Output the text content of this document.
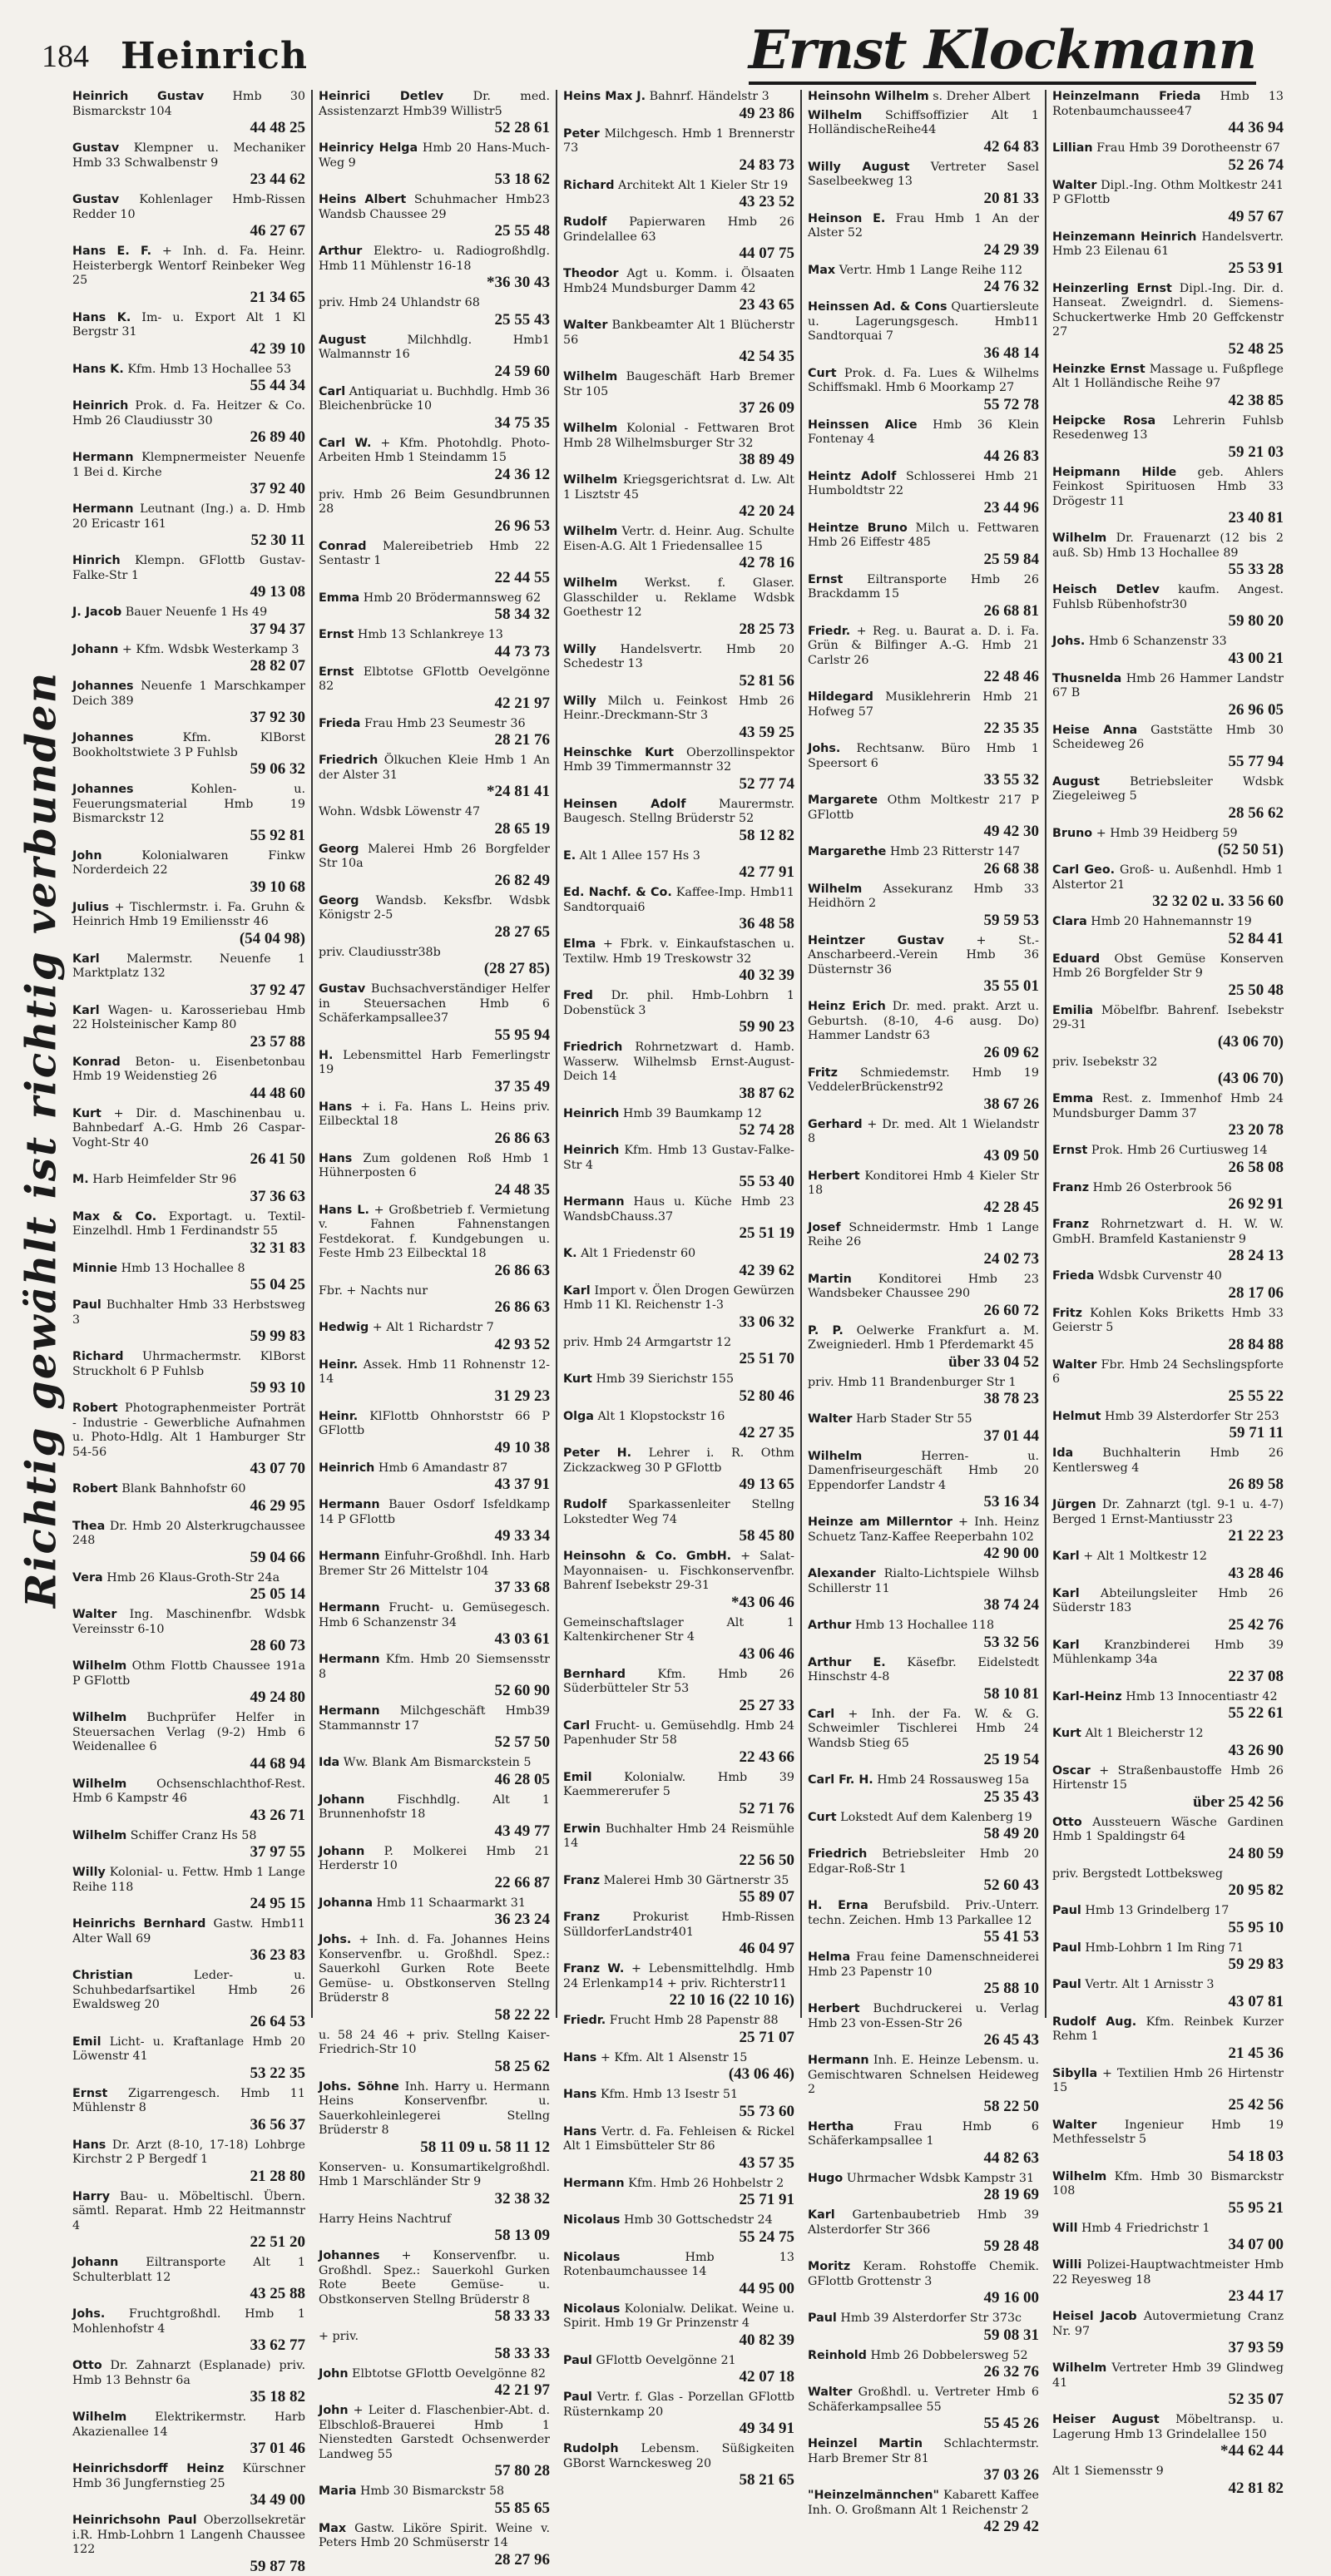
184 Heinrich	Ernst Klockmann
Richtig gewählt ist richtig verbunden

Heinrich Gustav Hmb 30 Bismarckstr 104
44 48 25

Gustav Klempner u. Mechaniker Hmb 33 Schwalbenstr 9
23 44 62

Gustav Kohlenlager Hmb-Rissen Redder 10
46 27 67

Hans E. F. + Inh. d. Fa. Heinr. Heisterbergk Wentorf Reinbeker Weg 25
21 34 65

Hans K. Im- u. Export Alt 1 Kl Bergstr 31
42 39 10

Hans K. Kfm. Hmb 13 Hochallee 53
55 44 34

Heinrich Prok. d. Fa. Heitzer & Co. Hmb 26 Claudiusstr 30
26 89 40

Hermann Klempnermeister Neuenfe 1 Bei d. Kirche
37 92 40

Hermann Leutnant (Ing.) a. D. Hmb 20 Ericastr 161
52 30 11

Hinrich Klempn. GFlottb Gustav-Falke-Str 1
49 13 08

J. Jacob Bauer Neuenfe 1 Hs 49
37 94 37

Johann + Kfm. Wdsbk Westerkamp 3
28 82 07

Johannes Neuenfe 1 Marschkamper Deich 389
37 92 30

Johannes	Kfm. KlBorst Bookholtstwiete 3 P Fuhlsb
59 06 32

Johannes	Kohlen- u. Feuerungsmaterial Hmb 19 Bismarckstr 12
55 92 81

John	Kolonialwaren Finkw Norderdeich 22
39 10 68

Julius + Tischlermstr. i. Fa. Gruhn & Heinrich Hmb 19 Emiliensstr 46
(54 04 98)

Karl Malermstr. Neuenfe 1 Marktplatz 132
37 92 47

Karl Wagen- u. Karosseriebau Hmb 22 Holsteinischer Kamp 80
23 57 88

Konrad Beton- u. Eisenbetonbau Hmb 19 Weidenstieg 26
44 48 60

Kurt + Dir. d. Maschinenbau u. Bahnbedarf A.-G. Hmb 26 Caspar-Voght-Str 40
26 41 50

M. Harb Heimfelder Str 96
37 36 63

Max & Co. Exportagt. u. Textil-Einzelhdl. Hmb 1 Ferdinandstr 55
32 31 83

Minnie Hmb 13 Hochallee 8
55 04 25

Paul Buchhalter Hmb 33 Herbstsweg 3
59 99 83

Richard Uhrmachermstr. KlBorst Struckholt 6 P Fuhlsb
59 93 10

Robert Photographenmeister Porträt - Industrie - Gewerbliche Aufnahmen u. Photo-Hdlg. Alt 1 Hamburger Str 54-56
43 07 70

Robert Blank Bahnhofstr 60
46 29 95

Thea Dr. Hmb 20 Alsterkrugchaussee 248
59 04 66

Vera Hmb 26 Klaus-Groth-Str 24a
25 05 14

Walter Ing. Maschinenfbr. Wdsbk Vereinsstr 6-10
28 60 73

Wilhelm Othm Flottb Chaussee 191a P GFlottb
49 24 80

Wilhelm Buchprüfer Helfer in Steuersachen Verlag (9-2) Hmb 6 Weidenallee 6
44 68 94

Wilhelm	Ochsenschlachthof-Rest. Hmb 6 Kampstr 46
43 26 71

Wilhelm Schiffer Cranz Hs 58
37 97 55

Willy Kolonial- u. Fettw. Hmb 1 Lange Reihe 118
24 95 15

Heinrichs Bernhard Gastw. Hmb11 Alter Wall 69
36 23 83

Christian	Leder- u. Schuhbedarfsartikel Hmb 26 Ewaldsweg 20
26 64 53

Emil Licht- u. Kraftanlage Hmb 20 Löwenstr 41
53 22 35

Ernst Zigarrengesch. Hmb 11 Mühlenstr 8
36 56 37

Hans Dr. Arzt (8-10, 17-18) Lohbrge Kirchstr 2 P Bergedf 1
21 28 80

Harry Bau- u. Möbeltischl. Übern. sämtl. Reparat. Hmb 22 Heitmannstr 4
22 51 20

Johann Eiltransporte Alt 1 Schulterblatt 12
43 25 88

Johs. Fruchtgroßhdl. Hmb 1 Mohlenhofstr 4
33 62 77

Otto Dr. Zahnarzt (Esplanade) priv. Hmb 13 Behnstr 6a
35 18 82

Wilhelm Elektrikermstr. Harb Akazienallee 14
37 01 46

Heinrichsdorff Heinz Kürschner Hmb 36 Jungfernstieg 25
34 49 00

Heinrichsohn Paul Oberzollsekretär i.R. Hmb-Lohbrn 1 Langenh Chaussee 122
59 87 78

Heinrici Detlev Dr. med. Assistenzarzt Hmb39 Willistr5
52 28 61

Heinricy Helga Hmb 20 Hans-Much-Weg 9
53 18 62

Heins Albert Schuhmacher Hmb23 Wandsb Chaussee 29
25 55 48

Arthur Elektro- u. Radiogroßhdlg. Hmb 11 Mühlenstr 16-18
*36 30 43

priv. Hmb 24 Uhlandstr 68
25 55 43

August	Milchhdlg. Hmb1 Walmannstr 16
24 59 60

Carl Antiquariat u. Buchhdlg. Hmb 36 Bleichenbrücke 10
34 75 35

Carl W. + Kfm. Photohdlg. Photo-Arbeiten Hmb 1 Steindamm 15
24 36 12

priv. Hmb 26 Beim Gesundbrunnen 28
26 96 53

Conrad Malereibetrieb Hmb 22 Sentastr 1
22 44 55

Emma Hmb 20 Brödermannsweg 62
58 34 32

Ernst Hmb 13 Schlankreye 13
44 73 73

Ernst Elbtotse GFlottb Oevelgönne 82
42 21 97

Frieda Frau Hmb 23 Seumestr 36
28 21 76

Friedrich Ölkuchen Kleie Hmb 1 An der Alster 31
*24 81 41

Wohn. Wdsbk Löwenstr 47
28 65 19

Georg Malerei Hmb 26 Borgfelder Str 10a
26 82 49

Georg Wandsb. Keksfbr. Wdsbk Königstr 2-5
28 27 65

priv. Claudiusstr38b
(28 27 85)

Gustav Buchsachverständiger Helfer in Steuersachen Hmb 6 Schäferkampsallee37
55 95 94

H. Lebensmittel Harb Femerlingstr 19
37 35 49

Hans + i. Fa. Hans L. Heins priv. Eilbecktal 18
26 86 63

Hans Zum goldenen Roß Hmb 1 Hühnerposten 6
24 48 35

Hans L. + Großbetrieb f. Vermietung v. Fahnen Fahnenstangen Festdekorat. f. Kundgebungen u. Feste Hmb 23 Eilbecktal 18
26 86 63

Fbr. + Nachts nur
26 86 63

Hedwig + Alt 1 Richardstr 7
42 93 52

Heinr. Assek. Hmb 11 Rohnenstr 12-14
31 29 23

Heinr. KlFlottb Ohnhorststr 66 P GFlottb
49 10 38

Heinrich Hmb 6 Amandastr 87
43 37 91

Hermann Bauer Osdorf Isfeldkamp 14 P GFlottb
49 33 34

Hermann Einfuhr-Großhdl. Inh. Harb Bremer Str 26 Mittelstr 104
37 33 68

Hermann Frucht- u. Gemüsegesch. Hmb 6 Schanzenstr 34
43 03 61

Hermann Kfm. Hmb 20 Siemsensstr 8
52 60 90

Hermann Milchgeschäft Hmb39 Stammannstr 17
52 57 50

Ida Ww. Blank Am Bismarckstein 5
46 28 05

Johann	Fischhdlg. Alt 1 Brunnenhofstr 18
43 49 77

Johann P. Molkerei Hmb 21 Herderstr 10
22 66 87

Johanna Hmb 11 Schaarmarkt 31
36 23 24

Johs. + Inh. d. Fa. Johannes Heins Konservenfbr. u. Großhdl. Spez.: Sauerkohl Gurken Rote Beete Gemüse- u. Obstkonserven Stellng Brüderstr 8
58 22 22

u. 58 24 46 + priv. Stellng Kaiser-Friedrich-Str 10
58 25 62

Johs. Söhne Inh. Harry u. Hermann Heins Konservenfbr. u. Sauerkohleinlegerei Stellng Brüderstr 8
58 11 09 u. 58 11 12

Konserven- u. Konsumartikelgroßhdl. Hmb 1 Marschländer Str 9
32 38 32

Harry Heins Nachtruf
58 13 09

Johannes + Konservenfbr. u. Großhdl. Spez.: Sauerkohl Gurken Rote Beete Gemüse- u. Obstkonserven Stellng Brüderstr 8
58 33 33

+ priv.
58 33 33

John Elbtotse GFlottb Oevelgönne 82
42 21 97

John + Leiter d. Flaschenbier-Abt. d. Elbschloß-Brauerei Hmb 1 Nienstedten Garstedt Ochsenwerder Landweg 55
57 80 28

Maria Hmb 30 Bismarckstr 58
55 85 65

Max Gastw. Liköre Spirit. Weine v. Peters Hmb 20 Schmüserstr 14
28 27 96

Heins Max J. Bahnrf. Händelstr 3
49 23 86

Peter Milchgesch. Hmb 1 Brennerstr 73
24 83 73

Richard Architekt Alt 1 Kieler Str 19
43 23 52

Rudolf Papierwaren Hmb 26 Grindelallee 63
44 07 75

Theodor Agt u. Komm. i. Ölsaaten Hmb24 Mundsburger Damm 42
23 43 65

Walter Bankbeamter Alt 1 Blücherstr 56
42 54 35

Wilhelm Baugeschäft Harb Bremer Str 105
37 26 09

Wilhelm Kolonial - Fettwaren Brot Hmb 28 Wilhelmsburger Str 32
38 89 49

Wilhelm Kriegsgerichtsrat d. Lw. Alt 1 Lisztstr 45
42 20 24

Wilhelm Vertr. d. Heinr. Aug. Schulte Eisen-A.G. Alt 1 Friedensallee 15
42 78 16

Wilhelm Werkst. f. Glaser. Glasschilder u. Reklame Wdsbk Goethestr 12
28 25 73

Willy Handelsvertr. Hmb 20 Schedestr 13
52 81 56

Willy Milch u. Feinkost Hmb 26 Heinr.-Dreckmann-Str 3
43 59 25

Heinschke Kurt Oberzollinspektor Hmb 39 Timmermannstr 32
52 77 74

Heinsen Adolf	Maurermstr. Baugesch. Stellng Brüderstr 52
58 12 82

E. Alt 1 Allee 157 Hs 3
42 77 91

Ed. Nachf. & Co. Kaffee-Imp. Hmb11 Sandtorquai6
36 48 58

Elma + Fbrk. v. Einkaufstaschen u. Textilw. Hmb 19 Treskowstr 32
40 32 39

Fred Dr. phil. Hmb-Lohbrn 1 Dobenstück 3
59 90 23

Friedrich Rohrnetzwart d. Hamb. Wasserw. Wilhelmsb Ernst-August-Deich 14
38 87 62

Heinrich Hmb 39 Baumkamp 12
52 74 28

Heinrich Kfm. Hmb 13 Gustav-Falke-Str 4
55 53 40

Hermann Haus u. Küche Hmb 23 WandsbChauss.37
25 51 19

K. Alt 1 Friedenstr 60
42 39 62

Karl Import v. Ölen Drogen Gewürzen Hmb 11 Kl. Reichenstr 1-3
33 06 32

priv. Hmb 24 Armgartstr 12
25 51 70

Kurt Hmb 39 Sierichstr 155
52 80 46

Olga Alt 1 Klopstockstr 16
42 27 35

Peter H. Lehrer i. R. Othm Zickzackweg 30 P GFlottb
49 13 65

Rudolf Sparkassenleiter Stellng Lokstedter Weg 74
58 45 80

Heinsohn & Co. GmbH. + Salat-Mayonnaisen- u. Fischkonservenfbr. Bahrenf Isebekstr 29-31
*43 06 46

Gemeinschaftslager Alt 1 Kaltenkirchener Str 4
43 06 46

Bernhard	Kfm. Hmb 26 Süderbütteler Str 53
25 27 33

Carl Frucht- u. Gemüsehdlg. Hmb 24 Papenhuder Str 58
22 43 66

Emil	Kolonialw. Hmb 39 Kaemmererufer 5
52 71 76

Erwin Buchhalter Hmb 24 Reismühle 14
22 56 50

Franz Malerei Hmb 30 Gärtnerstr 35
55 89 07

Franz	Prokurist Hmb-Rissen SülldorferLandstr401
46 04 97

Franz W. + Lebensmittelhdlg. Hmb 24 Erlenkamp14 + priv. Richterstr11
22 10 16 (22 10 16)

Friedr. Frucht Hmb 28 Papenstr 88
25 71 07

Hans + Kfm. Alt 1 Alsenstr 15
(43 06 46)

Hans Kfm. Hmb 13 Isestr 51
55 73 60

Hans Vertr. d. Fa. Fehleisen & Rickel Alt 1 Eimsbütteler Str 86
43 57 35

Hermann Kfm. Hmb 26 Hohbelstr 2
25 71 91

Nicolaus Hmb 30 Gottschedstr 24
55 24 75

Nicolaus	Hmb 13 Rotenbaumchaussee 14
44 95 00

Nicolaus Kolonialw. Delikat. Weine u. Spirit. Hmb 19 Gr Prinzenstr 4
40 82 39

Paul GFlottb Oevelgönne 21
42 07 18

Paul Vertr. f. Glas - Porzellan GFlottb Rüsternkamp 20
49 34 91

Rudolph Lebensm. Süßigkeiten GBorst Warnckesweg 20
58 21 65

Heinsohn Wilhelm s. Dreher Albert

Wilhelm Schiffsoffizier Alt 1 HolländischeReihe44
42 64 83

Willy August Vertreter Sasel Saselbeekweg 13
20 81 33

Heinson E. Frau Hmb 1 An der Alster 52
24 29 39

Max Vertr. Hmb 1 Lange Reihe 112
24 76 32

Heinssen Ad. & Cons Quartiersleute u. Lagerungsgesch. Hmb11 Sandtorquai 7
36 48 14

Curt Prok. d. Fa. Lues & Wilhelms Schiffsmakl. Hmb 6 Moorkamp 27
55 72 78

Heinssen Alice Hmb 36 Klein Fontenay 4
44 26 83

Heintz Adolf Schlosserei Hmb 21 Humboldtstr 22
23 44 96

Heintze Bruno Milch u. Fettwaren Hmb 26 Eiffestr 485
25 59 84

Ernst Eiltransporte Hmb 26 Brackdamm 15
26 68 81

Friedr. + Reg. u. Baurat a. D. i. Fa. Grün & Bilfinger A.-G. Hmb 21 Carlstr 26
22 48 46

Hildegard Musiklehrerin Hmb 21 Hofweg 57
22 35 35

Johs. Rechtsanw. Büro Hmb 1 Speersort 6
33 55 32

Margarete Othm Moltkestr 217 P GFlottb
49 42 30

Margarethe Hmb 23 Ritterstr 147
26 68 38

Wilhelm Assekuranz Hmb 33 Heidhörn 2
59 59 53

Heintzer Gustav	+ St.-Anscharbeerd.-Verein Hmb 36 Düsternstr 36
35 55 01

Heinz Erich Dr. med. prakt. Arzt u. Geburtsh. (8-10, 4-6 ausg. Do) Hammer Landstr 63
26 09 62

Fritz Schmiedemstr. Hmb 19 VeddelerBrückenstr92
38 67 26

Gerhard + Dr. med. Alt 1 Wielandstr 8
43 09 50

Herbert Konditorei Hmb 4 Kieler Str 18
42 28 45

Josef Schneidermstr. Hmb 1 Lange Reihe 26
24 02 73

Martin Konditorei Hmb 23 Wandsbeker Chaussee 290
26 60 72

P. P. Oelwerke Frankfurt a. M. Zweigniederl. Hmb 1 Pferdemarkt 45
über 33 04 52

priv. Hmb 11 Brandenburger Str 1
38 78 23

Walter Harb Stader Str 55
37 01 44

Wilhelm	Herren- u. Damenfriseurgeschäft Hmb 20 Eppendorfer Landstr 4
53 16 34

Heinze am Millerntor + Inh. Heinz Schuetz Tanz-Kaffee Reeperbahn 102
42 90 00

Alexander Rialto-Lichtspiele Wilhsb Schillerstr 11
38 74 24

Arthur Hmb 13 Hochallee 118
53 32 56

Arthur E. Käsefbr. Eidelstedt Hinschstr 4-8
58 10 81

Carl + Inh. der Fa. W. & G. Schweimler Tischlerei Hmb 24 Wandsb Stieg 65
25 19 54

Carl Fr. H. Hmb 24 Rossausweg 15a
25 35 43

Curt Lokstedt Auf dem Kalenberg 19
58 49 20

Friedrich Betriebsleiter Hmb 20 Edgar-Roß-Str 1
52 60 43

H. Erna Berufsbild. Priv.-Unterr. techn. Zeichen. Hmb 13 Parkallee 12
55 41 53

Helma Frau feine Damenschneiderei Hmb 23 Papenstr 10
25 88 10

Herbert Buchdruckerei u. Verlag Hmb 23 von-Essen-Str 26
26 45 43

Hermann Inh. E. Heinze Lebensm. u. Gemischtwaren Schnelsen Heideweg 2
58 22 50

Hertha	Frau Hmb 6 Schäferkampsallee 1
44 82 63

Hugo Uhrmacher Wdsbk Kampstr 31
28 19 69

Karl Gartenbaubetrieb Hmb 39 Alsterdorfer Str 366
59 28 48

Moritz Keram. Rohstoffe Chemik. GFlottb Grottenstr 3
49 16 00

Paul Hmb 39 Alsterdorfer Str 373c
59 08 31

Reinhold Hmb 26 Dobbelersweg 52
26 32 76

Walter Großhdl. u. Vertreter Hmb 6 Schäferkampsallee 55
55 45 26

Heinzel Martin Schlachtermstr. Harb Bremer Str 81
37 03 26

"Heinzelmännchen" Kabarett Kaffee Inh. O. Großmann Alt 1 Reichenstr 2
42 29 42

Heinzelmann Frieda Hmb 13 Rotenbaumchaussee47
44 36 94

Lillian Frau Hmb 39 Dorotheenstr 67
52 26 74

Walter Dipl.-Ing. Othm Moltkestr 241 P GFlottb
49 57 67

Heinzemann Heinrich Handelsvertr. Hmb 23 Eilenau 61
25 53 91

Heinzerling Ernst Dipl.-Ing. Dir. d. Hanseat. Zweigndrl. d. Siemens-Schuckertwerke Hmb 20 Geffckenstr 27
52 48 25

Heinzke Ernst Massage u. Fußpflege Alt 1 Holländische Reihe 97
42 38 85

Heipcke Rosa Lehrerin Fuhlsb Resedenweg 13
59 21 03

Heipmann Hilde geb. Ahlers Feinkost Spirituosen Hmb 33 Drögestr 11
23 40 81

Wilhelm Dr. Frauenarzt (12 bis 2 auß. Sb) Hmb 13 Hochallee 89
55 33 28

Heisch Detlev kaufm. Angest. Fuhlsb Rübenhofstr30
59 80 20

Johs. Hmb 6 Schanzenstr 33
43 00 21

Thusnelda Hmb 26 Hammer Landstr 67 B
26 96 05

Heise Anna Gaststätte Hmb 30 Scheideweg 26
55 77 94

August	Betriebsleiter Wdsbk Ziegeleiweg 5
28 56 62

Bruno + Hmb 39 Heidberg 59
(52 50 51)

Carl Geo. Groß- u. Außenhdl. Hmb 1 Alstertor 21
32 32 02 u. 33 56 60

Clara Hmb 20 Hahnemannstr 19
52 84 41

Eduard Obst Gemüse Konserven Hmb 26 Borgfelder Str 9
25 50 48

Emilia Möbelfbr. Bahrenf. Isebekstr 29-31
(43 06 70)

priv. Isebekstr 32
(43 06 70)

Emma Rest. z. Immenhof Hmb 24 Mundsburger Damm 37
23 20 78

Ernst Prok. Hmb 26 Curtiusweg 14
26 58 08

Franz Hmb 26 Osterbrook 56
26 92 91

Franz Rohrnetzwart d. H. W. W. GmbH. Bramfeld Kastanienstr 9
28 24 13

Frieda Wdsbk Curvenstr 40
28 17 06

Fritz Kohlen Koks Briketts Hmb 33 Geierstr 5
28 84 88

Walter Fbr. Hmb 24 Sechslingspforte 6
25 55 22

Helmut Hmb 39 Alsterdorfer Str 253
59 71 11

Ida Buchhalterin Hmb 26 Kentlersweg 4
26 89 58

Jürgen Dr. Zahnarzt (tgl. 9-1 u. 4-7) Berged 1 Ernst-Mantiusstr 23
21 22 23

Karl + Alt 1 Moltkestr 12
43 28 46

Karl Abteilungsleiter Hmb 26 Süderstr 183
25 42 76

Karl Kranzbinderei Hmb 39 Mühlenkamp 34a
22 37 08

Karl-Heinz Hmb 13 Innocentiastr 42
55 22 61

Kurt Alt 1 Bleicherstr 12
43 26 90

Oscar + Straßenbaustoffe Hmb 26 Hirtenstr 15
über 25 42 56

Otto Aussteuern Wäsche Gardinen Hmb 1 Spaldingstr 64
24 80 59

priv. Bergstedt Lottbeksweg
20 95 82

Paul Hmb 13 Grindelberg 17
55 95 10

Paul Hmb-Lohbrn 1 Im Ring 71
59 29 83

Paul Vertr. Alt 1 Arnisstr 3
43 07 81

Rudolf Aug. Kfm. Reinbek Kurzer Rehm 1
21 45 36

Sibylla + Textilien Hmb 26 Hirtenstr 15
25 42 56

Walter Ingenieur Hmb 19 Methfesselstr 5
54 18 03

Wilhelm Kfm. Hmb 30 Bismarckstr 108
55 95 21

Will Hmb 4 Friedrichstr 1
34 07 00

Willi Polizei-Hauptwachtmeister Hmb 22 Reyesweg 18
23 44 17

Heisel Jacob Autovermietung Cranz Nr. 97
37 93 59

Wilhelm Vertreter Hmb 39 Glindweg 41
52 35 07

Heiser August Möbeltransp. u. Lagerung Hmb 13 Grindelallee 150
*44 62 44

Alt 1 Siemensstr 9
42 81 82
